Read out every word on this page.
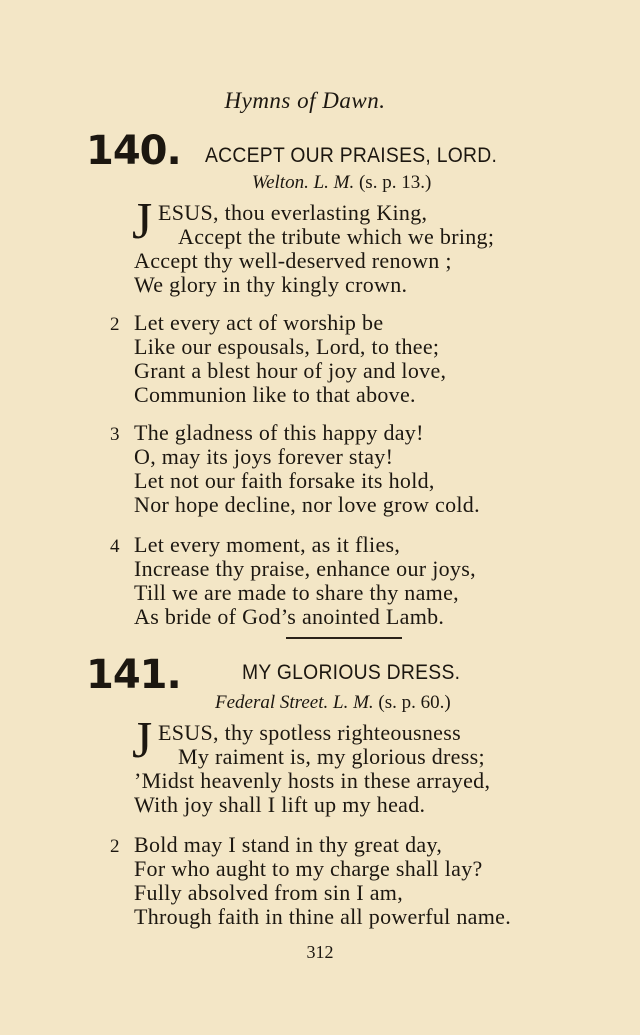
Hymns of Dawn.
140. ACCEPT OUR PRAISES, LORD.
Welton. L. M. (s. p. 13.)
J ESUS, thou everlasting King,
Accept the tribute which we bring;
Accept thy well-deserved renown ;
We glory in thy kingly crown.
2 Let every act of worship be
Like our espousals, Lord, to thee;
Grant a blest hour of joy and love,
Communion like to that above.
3 The gladness of this happy day!
O, may its joys forever stay!
Let not our faith forsake its hold,
Nor hope decline, nor love grow cold.
4 Let every moment, as it flies,
Increase thy praise, enhance our joys,
Till we are made to share thy name,
As bride of God’s anointed Lamb.
141.	MY GLORIOUS DRESS.
Federal Street. L. M. (s. p. 60.)
J ESUS, thy spotless righteousness
My raiment is, my glorious dress;
’Midst heavenly hosts in these arrayed,
With joy shall I lift up my head.
2 Bold may I stand in thy great day,
For who aught to my charge shall lay?
Fully absolved from sin I am,
Through faith in thine all powerful name.
312
